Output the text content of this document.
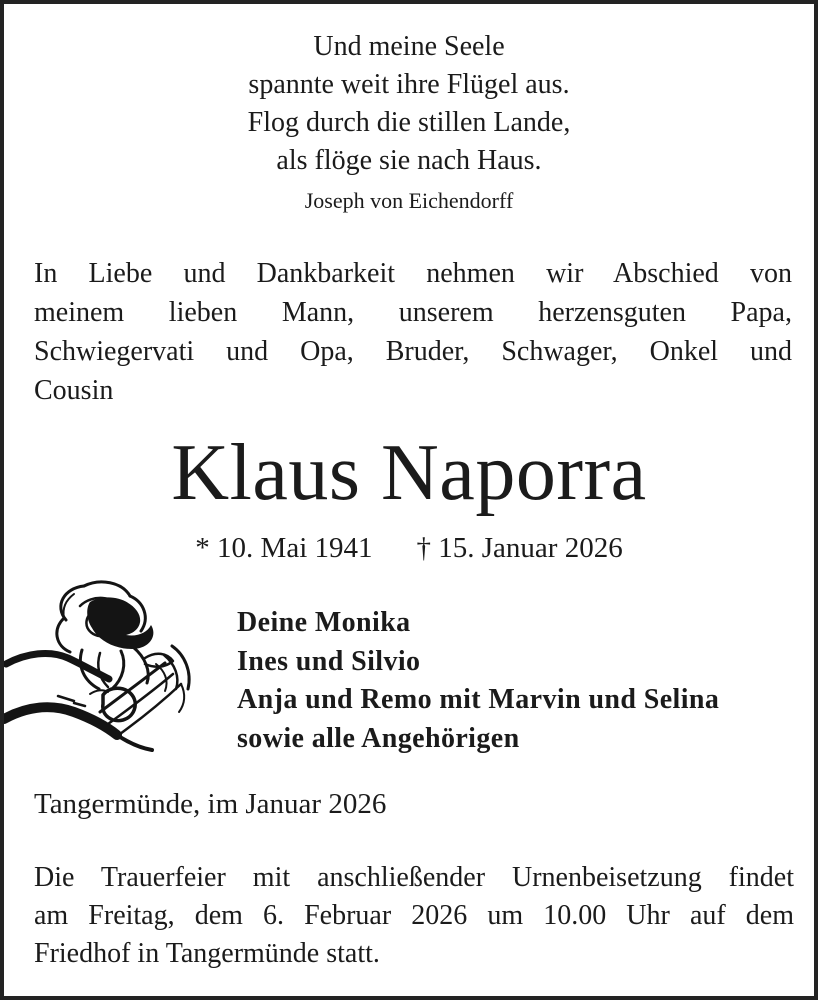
Und meine Seele
spannte weit ihre Flügel aus.
Flog durch die stillen Lande,
als flöge sie nach Haus.
Joseph von Eichendorff
In Liebe und Dankbarkeit nehmen wir Abschied von
meinem lieben Mann, unserem herzensguten Papa,
Schwiegervati und Opa, Bruder, Schwager, Onkel und
Cousin
Klaus Naporra
* 10. Mai 1941 † 15. Januar 2026
Deine Monika
Ines und Silvio
Anja und Remo mit Marvin und Selina
sowie alle Angehörigen
Tangermünde, im Januar 2026
Die Trauerfeier mit anschließender Urnenbeisetzung findet
am Freitag, dem 6. Februar 2026 um 10.00 Uhr auf dem
Friedhof in Tangermünde statt.
